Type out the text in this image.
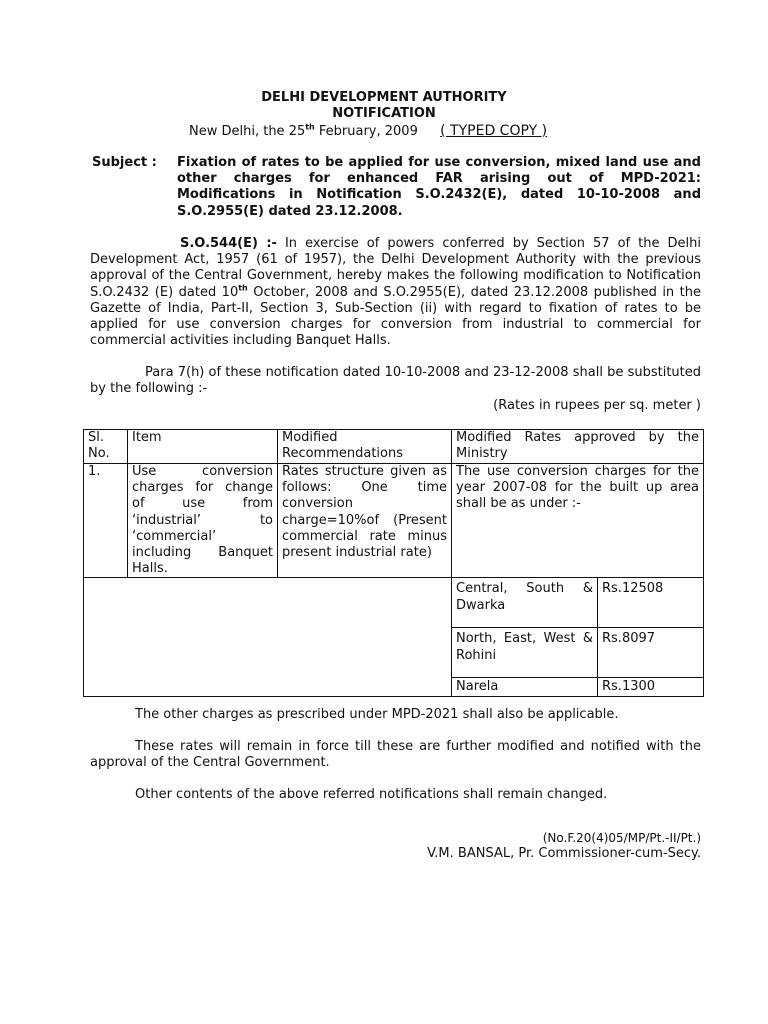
DELHI DEVELOPMENT AUTHORITY
NOTIFICATION
New Delhi, the 25th February, 2009 ( TYPED COPY )
Subject : Fixation of rates to be applied for use conversion, mixed land use and other charges for enhanced FAR arising out of MPD-2021: Modifications in Notification S.O.2432(E), dated 10-10-2008 and S.O.2955(E) dated 23.12.2008.
S.O.544(E) :- In exercise of powers conferred by Section 57 of the Delhi Development Act, 1957 (61 of 1957), the Delhi Development Authority with the previous approval of the Central Government, hereby makes the following modification to Notification S.O.2432 (E) dated 10th October, 2008 and S.O.2955(E), dated 23.12.2008 published in the Gazette of India, Part-II, Section 3, Sub-Section (ii) with regard to fixation of rates to be applied for use conversion charges for conversion from industrial to commercial for commercial activities including Banquet Halls.
Para 7(h) of these notification dated 10-10-2008 and 23-12-2008 shall be substituted by the following :-
(Rates in rupees per sq. meter )
Sl. No.	Item	Modified Recommendations	Modified Rates approved by the Ministry	
1.	Use conversion charges for change of use from ‘industrial’ to ‘commercial’ including Banquet Halls.	Rates structure given as follows: One time conversion charge=10%of (Present commercial rate minus present industrial rate)	The use conversion charges for the year 2007-08 for the built up area shall be as under :-	
			Central, South & Dwarka	Rs.12508
			North, East, West & Rohini	Rs.8097
			Narela	Rs.1300
The other charges as prescribed under MPD-2021 shall also be applicable.
These rates will remain in force till these are further modified and notified with the approval of the Central Government.
Other contents of the above referred notifications shall remain changed.
(No.F.20(4)05/MP/Pt.-II/Pt.)
V.M. BANSAL, Pr. Commissioner-cum-Secy.
